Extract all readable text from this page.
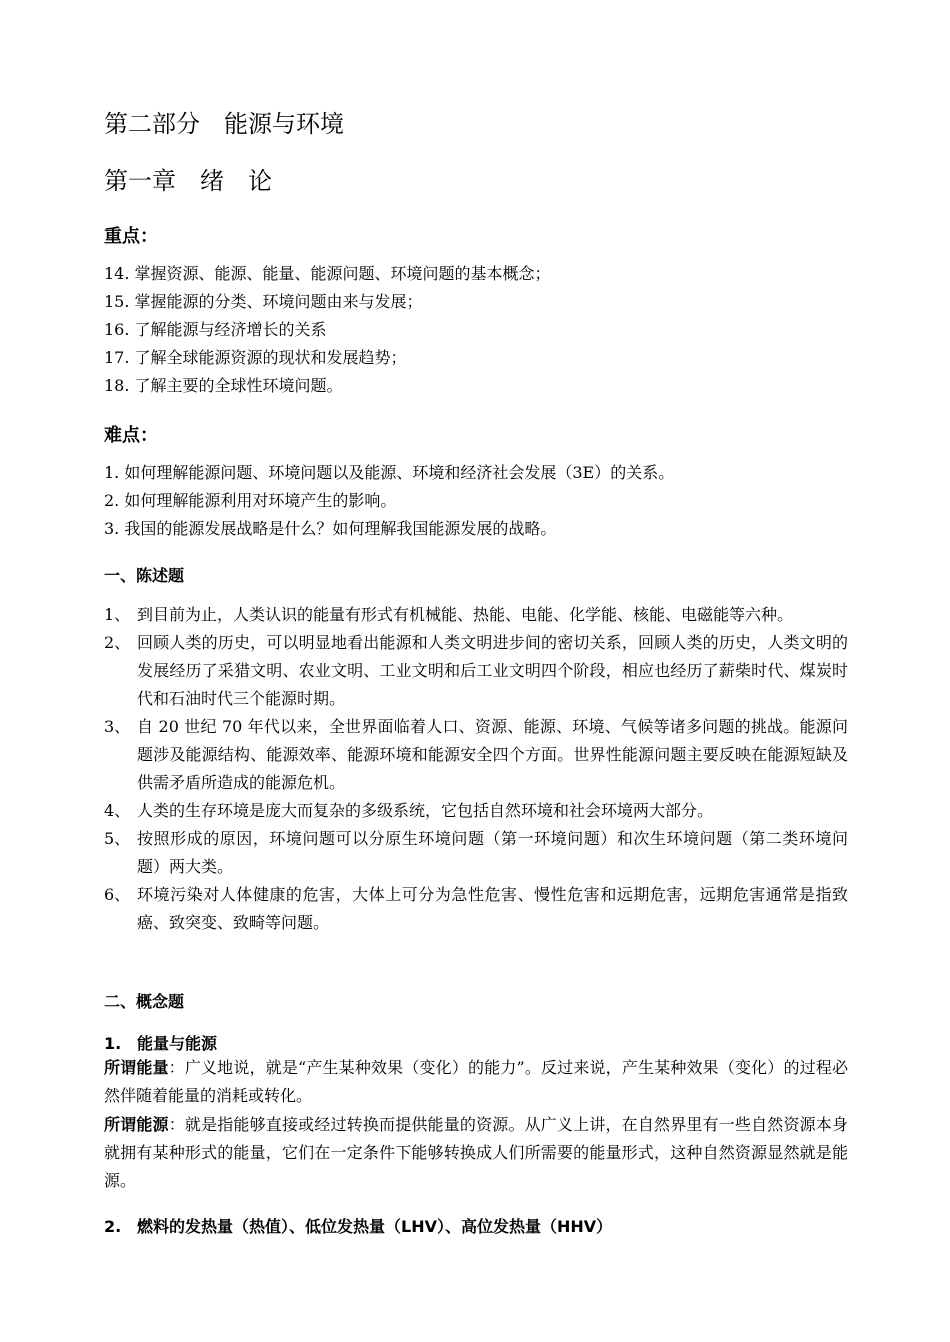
第二部分　能源与环境
第一章　绪　论
重点：
14. 掌握资源、能源、能量、能源问题、环境问题的基本概念；
15. 掌握能源的分类、环境问题由来与发展；
16. 了解能源与经济增长的关系
17. 了解全球能源资源的现状和发展趋势；
18. 了解主要的全球性环境问题。
难点：
1. 如何理解能源问题、环境问题以及能源、环境和经济社会发展（3E）的关系。
2. 如何理解能源利用对环境产生的影响。
3. 我国的能源发展战略是什么？如何理解我国能源发展的战略。
一、陈述题
1、 到目前为止，人类认识的能量有形式有机械能、热能、电能、化学能、核能、电磁能等六种。
2、 回顾人类的历史，可以明显地看出能源和人类文明进步间的密切关系，回顾人类的历史，人类文明的发展经历了采猎文明、农业文明、工业文明和后工业文明四个阶段，相应也经历了薪柴时代、煤炭时代和石油时代三个能源时期。
3、 自 20 世纪 70 年代以来，全世界面临着人口、资源、能源、环境、气候等诸多问题的挑战。能源问题涉及能源结构、能源效率、能源环境和能源安全四个方面。世界性能源问题主要反映在能源短缺及供需矛盾所造成的能源危机。
4、 人类的生存环境是庞大而复杂的多级系统，它包括自然环境和社会环境两大部分。
5、 按照形成的原因，环境问题可以分原生环境问题（第一环境问题）和次生环境问题（第二类环境问题）两大类。
6、 环境污染对人体健康的危害，大体上可分为急性危害、慢性危害和远期危害，远期危害通常是指致癌、致突变、致畸等问题。
二、概念题
1. 能量与能源

所谓能量：广义地说，就是“产生某种效果（变化）的能力”。反过来说，产生某种效果（变化）的过程必然伴随着能量的消耗或转化。

所谓能源：就是指能够直接或经过转换而提供能量的资源。从广义上讲，在自然界里有一些自然资源本身就拥有某种形式的能量，它们在一定条件下能够转换成人们所需要的能量形式，这种自然资源显然就是能源。

2. 燃料的发热量（热值）、低位发热量（LHV）、高位发热量（HHV）
